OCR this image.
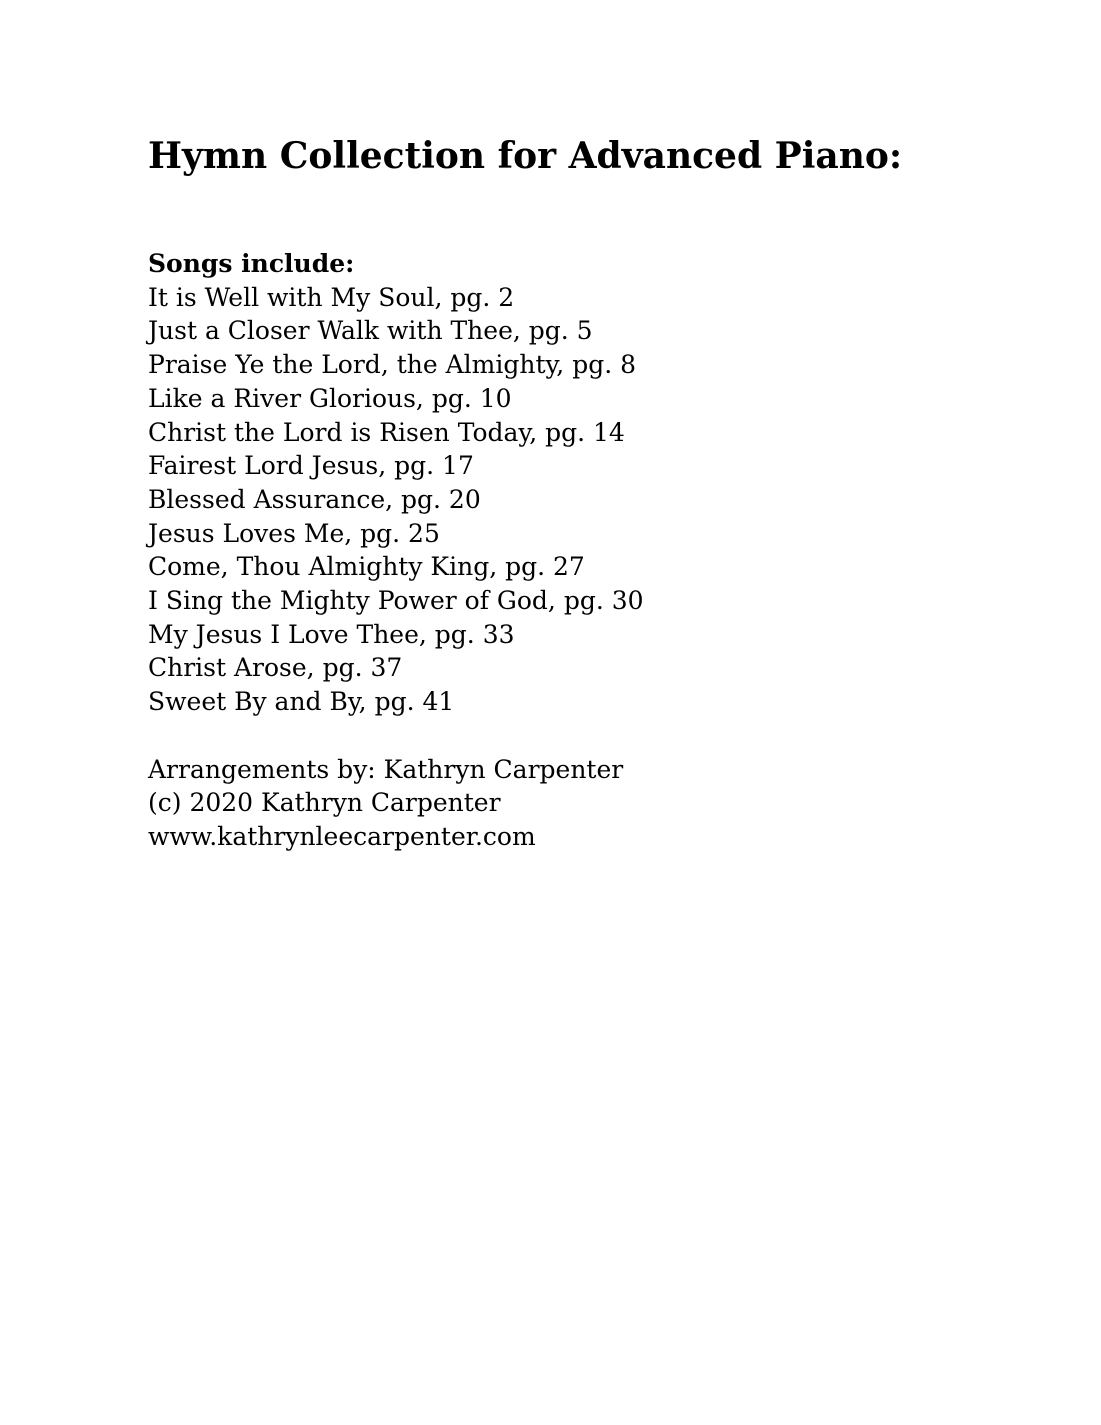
Hymn Collection for Advanced Piano:
Songs include:
It is Well with My Soul, pg. 2
Just a Closer Walk with Thee, pg. 5
Praise Ye the Lord, the Almighty, pg. 8
Like a River Glorious, pg. 10
Christ the Lord is Risen Today, pg. 14
Fairest Lord Jesus, pg. 17
Blessed Assurance, pg. 20
Jesus Loves Me, pg. 25
Come, Thou Almighty King, pg. 27
I Sing the Mighty Power of God, pg. 30
My Jesus I Love Thee, pg. 33
Christ Arose, pg. 37
Sweet By and By, pg. 41
Arrangements by: Kathryn Carpenter
(c) 2020 Kathryn Carpenter
www.kathrynleecarpenter.com
